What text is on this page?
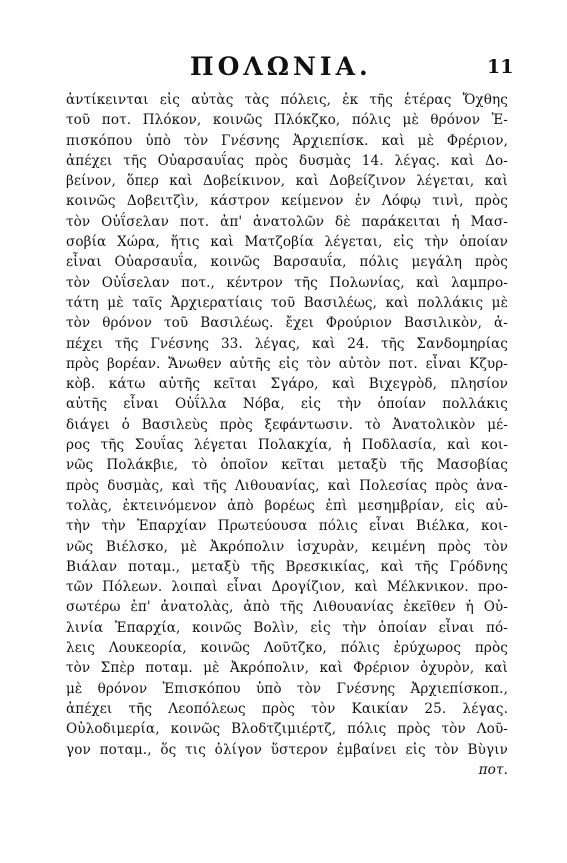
ΠΟΛΩΝΙΑ.	11
ἀντίκεινται εἰς αὐτὰς τὰς πόλεις, ἐκ τῆς ἑτέρας Ὄχθης
τοῦ ποτ. Πλόκον, κοινῶς Πλόκζκο, πόλις μὲ θρόνον Ἐ-
πισκόπου ὑπὸ τὸν Γνέσνης Ἀρχιεπίσκ. καὶ μὲ Φρέριον,
ἀπέχει τῆς Οὐαρσαυΐας πρὸς δυσμὰς 14. λέγας. καὶ Δο-
βείνον, ὅπερ καὶ Δοβείκινον, καὶ Δοβείζινον λέγεται, καὶ
κοινῶς Δοβειτζὶν, κάστρον κείμενον ἐν Λόφῳ τινὶ, πρὸς
τὸν Οὐΐσελαν ποτ. ἀπ' ἀνατολῶν δὲ παράκειται ἡ Μασ-
σοβία Χώρα, ἥτις καὶ Ματζοβία λέγεται, εἰς τὴν ὁποίαν
εἶναι Οὐαρσαυΐα, κοινῶς Βαρσαυΐα, πόλις μεγάλη πρὸς
τὸν Οὐΐσελαν ποτ., κέντρον τῆς Πολωνίας, καὶ λαμπρο-
τάτη μὲ ταῖς Ἀρχιερατίαις τοῦ Βασιλέως, καὶ πολλάκις μὲ
τὸν θρόνον τοῦ Βασιλέως. ἔχει Φρούριον Βασιλικὸν, ἀ-
πέχει τῆς Γνέσνης 33. λέγας, καὶ 24. τῆς Σανδομηρίας
πρὸς βορέαν. Ἄνωθεν αὐτῆς εἰς τὸν αὐτὸν ποτ. εἶναι Κζυρ-
κὸβ. κάτω αὐτῆς κεῖται Σγάρο, καὶ Βιχεγρὸδ, πλησίον
αὐτῆς εἶναι Οὐΐλλα Νόβα, εἰς τὴν ὁποίαν πολλάκις
διάγει ὁ Βασιλεὺς πρὸς ξεφάντωσιν. τὸ Ἀνατολικὸν μέ-
ρος τῆς Σουΐας λέγεται Πολακχία, ἡ Ποδλασία, καὶ κοι-
νῶς Πολάκβιε, τὸ ὁποῖον κεῖται μεταξὺ τῆς Μασοβίας
πρὸς δυσμὰς, καὶ τῆς Λιθουανίας, καὶ Πολεσίας πρὸς ἀνα-
τολὰς, ἐκτεινόμενον ἀπὸ βορέως ἐπὶ μεσημβρίαν, εἰς αὐ-
τὴν τὴν Ἐπαρχίαν Πρωτεύουσα πόλις εἶναι Βιέλκα, κοι-
νῶς Βιέλσκο, μὲ Ἀκρόπολιν ἰσχυρὰν, κειμένη πρὸς τὸν
Βιάλαν ποταμ., μεταξὺ τῆς Βρεσκικίας, καὶ τῆς Γρόδνης
τῶν Πόλεων. λοιπαὶ εἶναι Δρογίζιον, καὶ Μέλκνικον. προ-
σωτέρω ἐπ' ἀνατολὰς, ἀπὸ τῆς Λιθουανίας ἐκεῖθεν ἡ Οὐ-
λινία Ἐπαρχία, κοινῶς Βολὶν, εἰς τὴν ὁποίαν εἶναι πό-
λεις Λουκεορία, κοινῶς Λοῦτζκο, πόλις ἐρύχωρος πρὸς
τὸν Σπὲρ ποταμ. μὲ Ἀκρόπολιν, καὶ Φρέριον ὀχυρὸν, καὶ
μὲ θρόνον Ἐπισκόπου ὑπὸ τὸν Γνέσνης Ἀρχιεπίσκοπ.,
ἀπέχει τῆς Λεοπόλεως πρὸς τὸν Καικίαν 25. λέγας.
Οὐλοδιμερία, κοινῶς Βλοδτζιμιέρτζ, πόλις πρὸς τὸν Λοῦ-
γον ποταμ., ὅς τις ὀλίγον ὕστερον ἐμβαίνει εἰς τὸν Βὺγιν
ποτ.
